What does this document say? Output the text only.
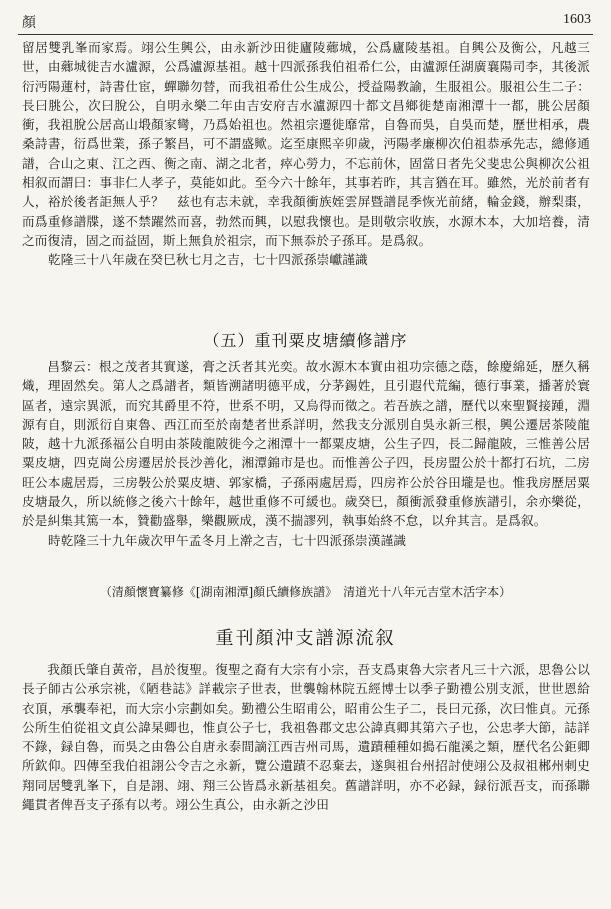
顏	1603

留居雙乳峯而家焉。翊公生興公，由永新沙田徙廬陵薌城，公爲廬陵基祖。自興公及衡公，凡越三世，由薌城徙吉水瀘源，公爲瀘源基祖。越十四派孫我伯祖希仁公，由瀘源任湖廣襄陽司李，其後派衍沔陽蓮村，詩書仕宦，蟬聯勿替，而我祖希仕公生成公，授益陽教諭，生服祖公。服祖公生二子：長曰朓公，次曰脫公，自明永樂二年由吉安府吉水瀘源四十都文昌鄉徙楚南湘潭十一都，朓公居顏衝，我祖脫公居高山塅顏家彎，乃爲始祖也。然祖宗遷徙靡常，自魯而吳，自吳而楚，歷世相承，農桑詩書，衍爲世業，孫子繁昌，可不謂盛歟。迄至康熙辛卯歲，沔陽孝廉柳次伯祖恭承先志，總修通譜，合山之東、江之西、衡之南、湖之北者，瘁心勞力，不忘前休，固當日者先父斐忠公與柳次公祖相叙而謂曰：事非仁人孝子，莫能如此。至今六十餘年，其事若昨，其言猶在耳。雖然，光於前者有人，裕於後者詎無人乎？　兹也有志未就，幸我顏衝族姪雲屏暨譜昆季恢光前緒，輪金錢，辦梨棗，而爲重修譜牒，遂不禁躍然而喜，勃然而興，以慰我懷也。是則敬宗收族，水源木本，大加培養，清之而復清，固之而益固，斯上無負於祖宗，而下無忝於子孫耳。是爲叙。

乾隆三十八年歲在癸巳秋七月之吉，七十四派孫崇巘謹識

（五）重刊粟皮塘續修譜序

昌黎云：根之茂者其實遂，膏之沃者其光奕。故水源木本實由祖功宗德之蔭，餘慶綿延，歷久稱熾，理固然矣。第人之爲譜者，類皆溯諸明德平成，分茅錫姓，且引遐代荒編，德行事業，播著於寰區者，遠宗異派，而究其爵里不符，世系不明，又烏得而徵之。若吾族之譜，歷代以來聖賢接踵，淵源有自，則派衍自東魯、西江而至於南楚者世系詳明，然我支分派別自吳永新三根，興公遷居茶陵龍陂，越十九派孫福公自明由茶陵龍陂徙今之湘潭十一都粟皮塘，公生子四，長二歸龍陂，三惟善公居粟皮塘，四克崗公房遷居於長沙善化，湘潭錦市是也。而惟善公子四，長房盟公於十都打石坑，二房旺公本處居焉，三房斅公於粟皮塘、郭家橋，子孫兩處居焉，四房祚公於谷田壠是也。惟我房歷居粟皮塘最久，所以統修之後六十餘年，越世重修不可緩也。歲癸巳，顏衝派發重修族譜引，余亦樂從，於是糾集其篤一本，贊勸盛舉，樂觀厥成，漢不揣謬列，執事始終不怠，以弁其言。是爲叙。

時乾隆三十九年歲次甲午孟冬月上澣之吉，七十四派孫崇漢謹識

（清顏懷寶纂修《[湖南湘潭]顏氏續修族譜》　清道光十八年元吉堂木活字本）
重刊顏沖支譜源流叙

我顏氏肇自黃帝，昌於復聖。復聖之裔有大宗有小宗，吾支爲東魯大宗者凡三十六派，思魯公以長子師古公承宗祧，《陋巷誌》詳載宗子世表，世襲翰林院五經博士以季子勤禮公別支派，世世恩給衣頂，承襲奉祀，而大宗小宗劃如矣。勤禮公生昭甫公，昭甫公生子二，長曰元孫，次曰惟貞。元孫公所生伯從祖文貞公諱杲卿也，惟貞公子七，我祖魯郡文忠公諱真卿其第六子也，公忠孝大節，誌詳不錄，録自魯，而吳之由魯公自唐永泰間謫江西吉州司馬，遺蹟種種如搗石龍溪之類，歷代名公鉅卿所欽仰。四傳至我伯祖詡公令吉之永新，覽公遺蹟不忍棄去，遂與祖台州招討使翊公及叔祖郴州刺史翔同居雙乳峯下，自是詡、翊、翔三公皆爲永新基祖矣。舊譜詳明，亦不必録，録衍派吾支，而孫聯繩貫者俾吾支子孫有以考。翊公生真公，由永新之沙田
